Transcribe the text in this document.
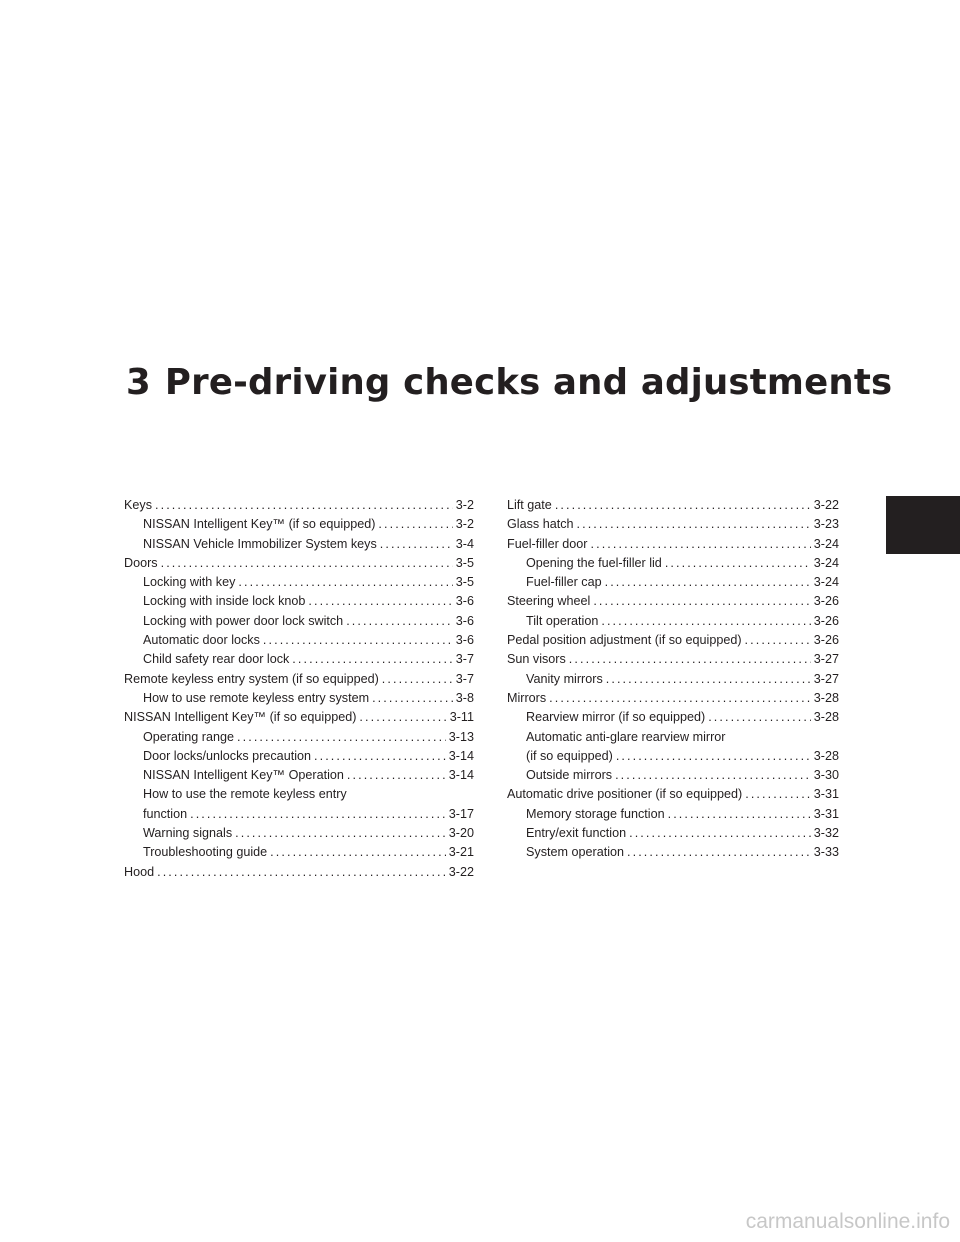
3 Pre-driving checks and adjustments
Keys .....	3-2
NISSAN Intelligent Key™ (if so equipped) .....	3-2
NISSAN Vehicle Immobilizer System keys .....	3-4
Doors .....	3-5
Locking with key .....	3-5
Locking with inside lock knob .....	3-6
Locking with power door lock switch .....	3-6
Automatic door locks .....	3-6
Child safety rear door lock .....	3-7
Remote keyless entry system (if so equipped) .....	3-7
How to use remote keyless entry system .....	3-8
NISSAN Intelligent Key™ (if so equipped) .....	3-11
Operating range .....	3-13
Door locks/unlocks precaution .....	3-14
NISSAN Intelligent Key™ Operation .....	3-14
How to use the remote keyless entry
function .....	3-17
Warning signals .....	3-20
Troubleshooting guide .....	3-21
Hood .....	3-22
Lift gate .....	3-22
Glass hatch .....	3-23
Fuel-filler door .....	3-24
Opening the fuel-filler lid .....	3-24
Fuel-filler cap .....	3-24
Steering wheel .....	3-26
Tilt operation .....	3-26
Pedal position adjustment (if so equipped) .....	3-26
Sun visors .....	3-27
Vanity mirrors .....	3-27
Mirrors .....	3-28
Rearview mirror (if so equipped) .....	3-28
Automatic anti-glare rearview mirror
(if so equipped) .....	3-28
Outside mirrors .....	3-30
Automatic drive positioner (if so equipped) .....	3-31
Memory storage function .....	3-31
Entry/exit function .....	3-32
System operation .....	3-33
carmanualsonline.info
